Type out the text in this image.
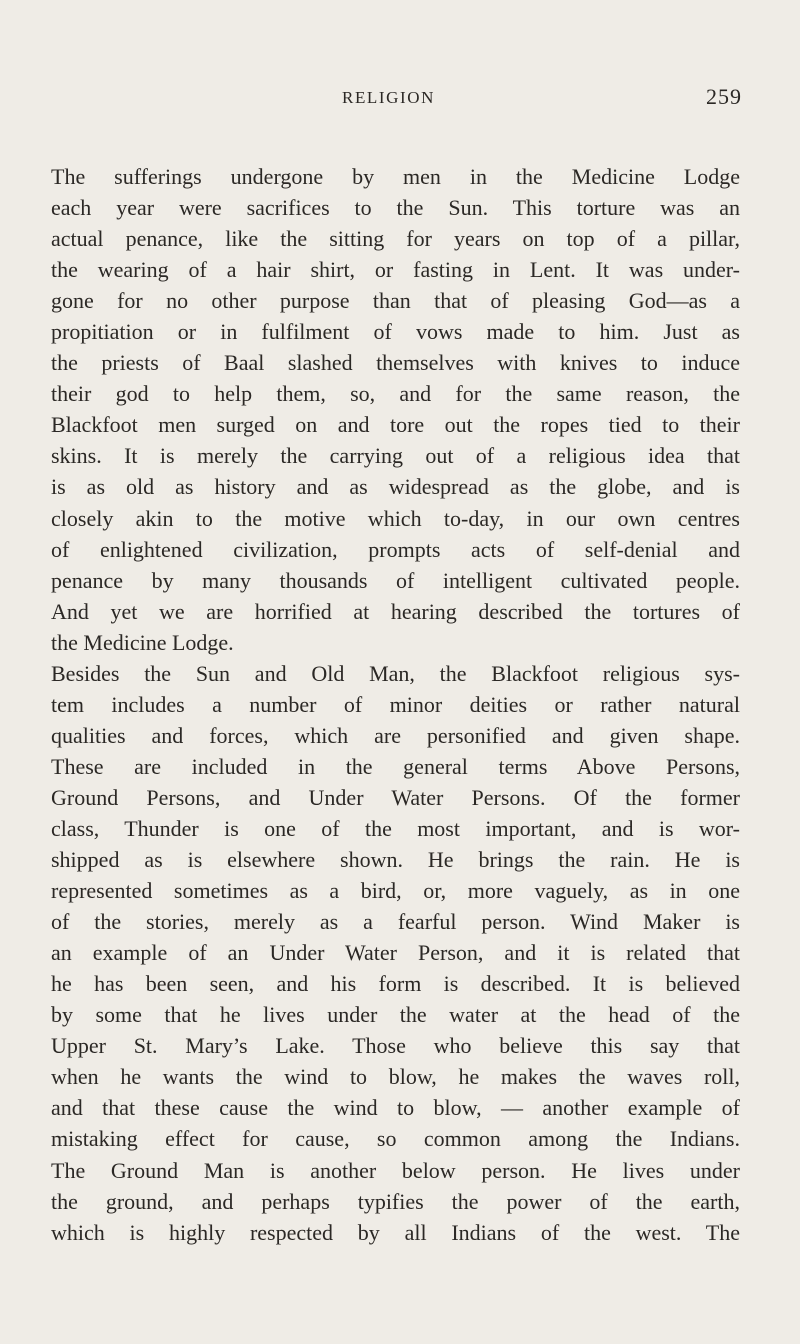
RELIGION	259
The sufferings undergone by men in the Medicine Lodge
each year were sacrifices to the Sun. This torture was an
actual penance, like the sitting for years on top of a pillar,
the wearing of a hair shirt, or fasting in Lent. It was under-
gone for no other purpose than that of pleasing God—as a
propitiation or in fulfilment of vows made to him. Just as
the priests of Baal slashed themselves with knives to induce
their god to help them, so, and for the same reason, the
Blackfoot men surged on and tore out the ropes tied to their
skins. It is merely the carrying out of a religious idea that
is as old as history and as widespread as the globe, and is
closely akin to the motive which to-day, in our own centres
of enlightened civilization, prompts acts of self-denial and
penance by many thousands of intelligent cultivated people.
And yet we are horrified at hearing described the tortures of
the Medicine Lodge.
Besides the Sun and Old Man, the Blackfoot religious sys-
tem includes a number of minor deities or rather natural
qualities and forces, which are personified and given shape.
These are included in the general terms Above Persons,
Ground Persons, and Under Water Persons. Of the former
class, Thunder is one of the most important, and is wor-
shipped as is elsewhere shown. He brings the rain. He is
represented sometimes as a bird, or, more vaguely, as in one
of the stories, merely as a fearful person. Wind Maker is
an example of an Under Water Person, and it is related that
he has been seen, and his form is described. It is believed
by some that he lives under the water at the head of the
Upper St. Mary’s Lake. Those who believe this say that
when he wants the wind to blow, he makes the waves roll,
and that these cause the wind to blow, — another example of
mistaking effect for cause, so common among the Indians.
The Ground Man is another below person. He lives under
the ground, and perhaps typifies the power of the earth,
which is highly respected by all Indians of the west. The
